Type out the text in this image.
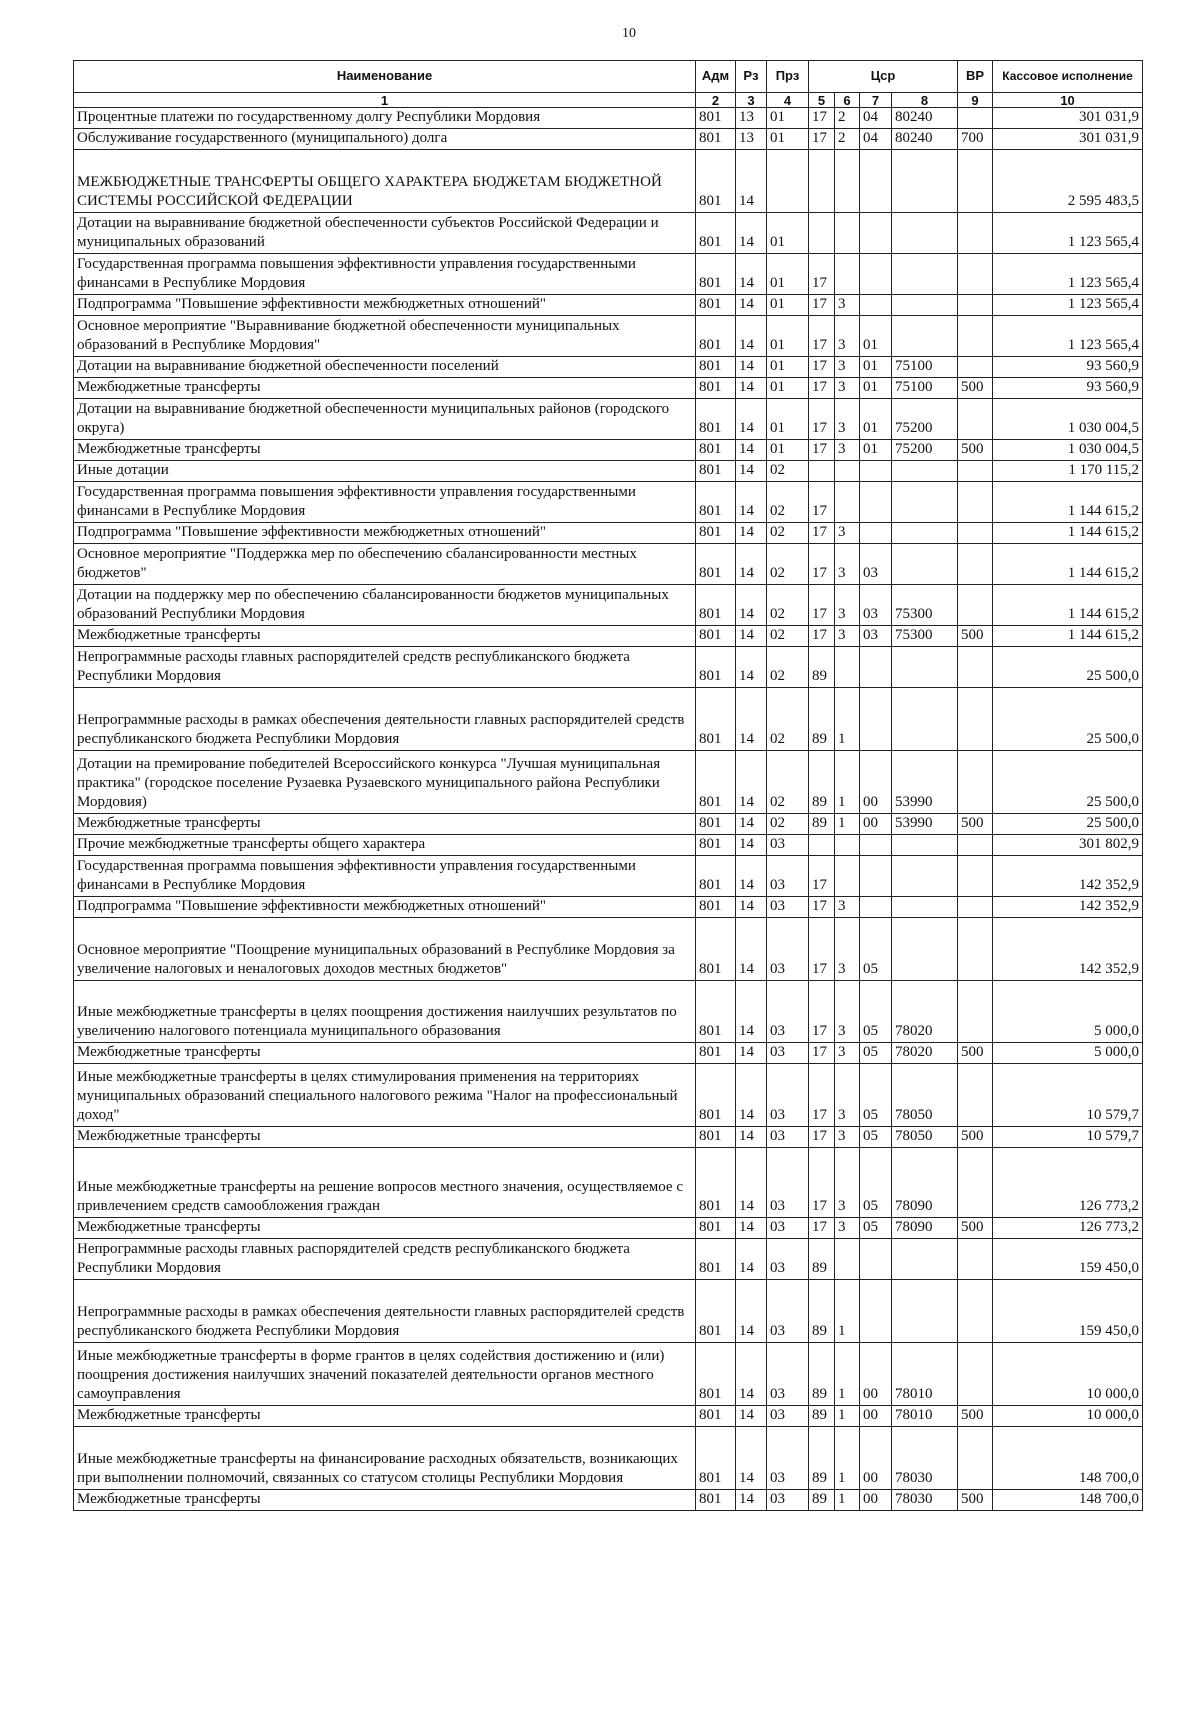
10
Наименование	Адм	Рз	Прз	Цср				ВР	Кассовое исполнение
1	2	3	4	5	6	7	8	9	10
Процентные платежи по государственному долгу Республики Мордовия	801	13	01	17	2	04	80240		301 031,9
Обслуживание государственного (муниципального) долга	801	13	01	17	2	04	80240	700	301 031,9
МЕЖБЮДЖЕТНЫЕ ТРАНСФЕРТЫ ОБЩЕГО ХАРАКТЕРА БЮДЖЕТАМ БЮДЖЕТНОЙ СИСТЕМЫ РОССИЙСКОЙ ФЕДЕРАЦИИ	801	14							2 595 483,5
Дотации на выравнивание бюджетной обеспеченности субъектов Российской Федерации и муниципальных образований	801	14	01						1 123 565,4
Государственная программа повышения эффективности управления государственными финансами в Республике Мордовия	801	14	01	17					1 123 565,4
Подпрограмма "Повышение эффективности межбюджетных отношений"	801	14	01	17	3				1 123 565,4
Основное мероприятие "Выравнивание бюджетной обеспеченности муниципальных образований в Республике Мордовия"	801	14	01	17	3	01			1 123 565,4
Дотации на выравнивание бюджетной обеспеченности поселений	801	14	01	17	3	01	75100		93 560,9
Межбюджетные трансферты	801	14	01	17	3	01	75100	500	93 560,9
Дотации на выравнивание бюджетной обеспеченности муниципальных районов (городского округа)	801	14	01	17	3	01	75200		1 030 004,5
Межбюджетные трансферты	801	14	01	17	3	01	75200	500	1 030 004,5
Иные дотации	801	14	02						1 170 115,2
Государственная программа повышения эффективности управления государственными финансами в Республике Мордовия	801	14	02	17					1 144 615,2
Подпрограмма "Повышение эффективности межбюджетных отношений"	801	14	02	17	3				1 144 615,2
Основное мероприятие "Поддержка мер по обеспечению сбалансированности местных бюджетов"	801	14	02	17	3	03			1 144 615,2
Дотации на поддержку мер по обеспечению сбалансированности бюджетов муниципальных образований Республики Мордовия	801	14	02	17	3	03	75300		1 144 615,2
Межбюджетные трансферты	801	14	02	17	3	03	75300	500	1 144 615,2
Непрограммные расходы главных распорядителей средств республиканского бюджета Республики Мордовия	801	14	02	89					25 500,0
Непрограммные расходы в рамках обеспечения деятельности главных распорядителей средств республиканского бюджета Республики Мордовия	801	14	02	89	1				25 500,0
Дотации на премирование победителей Всероссийского конкурса "Лучшая муниципальная практика" (городское поселение Рузаевка Рузаевского муниципального района Республики Мордовия)	801	14	02	89	1	00	53990		25 500,0
Межбюджетные трансферты	801	14	02	89	1	00	53990	500	25 500,0
Прочие межбюджетные трансферты общего характера	801	14	03						301 802,9
Государственная программа повышения эффективности управления государственными финансами в Республике Мордовия	801	14	03	17					142 352,9
Подпрограмма "Повышение эффективности межбюджетных отношений"	801	14	03	17	3				142 352,9
Основное мероприятие "Поощрение муниципальных образований в Республике Мордовия за увеличение налоговых и неналоговых доходов местных бюджетов"	801	14	03	17	3	05			142 352,9
Иные межбюджетные трансферты в целях поощрения достижения наилучших результатов по увеличению налогового потенциала муниципального образования	801	14	03	17	3	05	78020		5 000,0
Межбюджетные трансферты	801	14	03	17	3	05	78020	500	5 000,0
Иные межбюджетные трансферты в целях стимулирования применения на территориях муниципальных образований специального налогового режима "Налог на профессиональный доход"	801	14	03	17	3	05	78050		10 579,7
Межбюджетные трансферты	801	14	03	17	3	05	78050	500	10 579,7
Иные межбюджетные трансферты на решение вопросов местного значения, осуществляемое с привлечением средств самообложения граждан	801	14	03	17	3	05	78090		126 773,2
Межбюджетные трансферты	801	14	03	17	3	05	78090	500	126 773,2
Непрограммные расходы главных распорядителей средств республиканского бюджета Республики Мордовия	801	14	03	89					159 450,0
Непрограммные расходы в рамках обеспечения деятельности главных распорядителей средств республиканского бюджета Республики Мордовия	801	14	03	89	1				159 450,0
Иные межбюджетные трансферты в форме грантов в целях содействия достижению и (или) поощрения достижения наилучших значений показателей деятельности органов местного самоуправления	801	14	03	89	1	00	78010		10 000,0
Межбюджетные трансферты	801	14	03	89	1	00	78010	500	10 000,0
Иные межбюджетные трансферты на финансирование расходных обязательств, возникающих при выполнении полномочий, связанных со статусом столицы Республики Мордовия	801	14	03	89	1	00	78030		148 700,0
Межбюджетные трансферты	801	14	03	89	1	00	78030	500	148 700,0
